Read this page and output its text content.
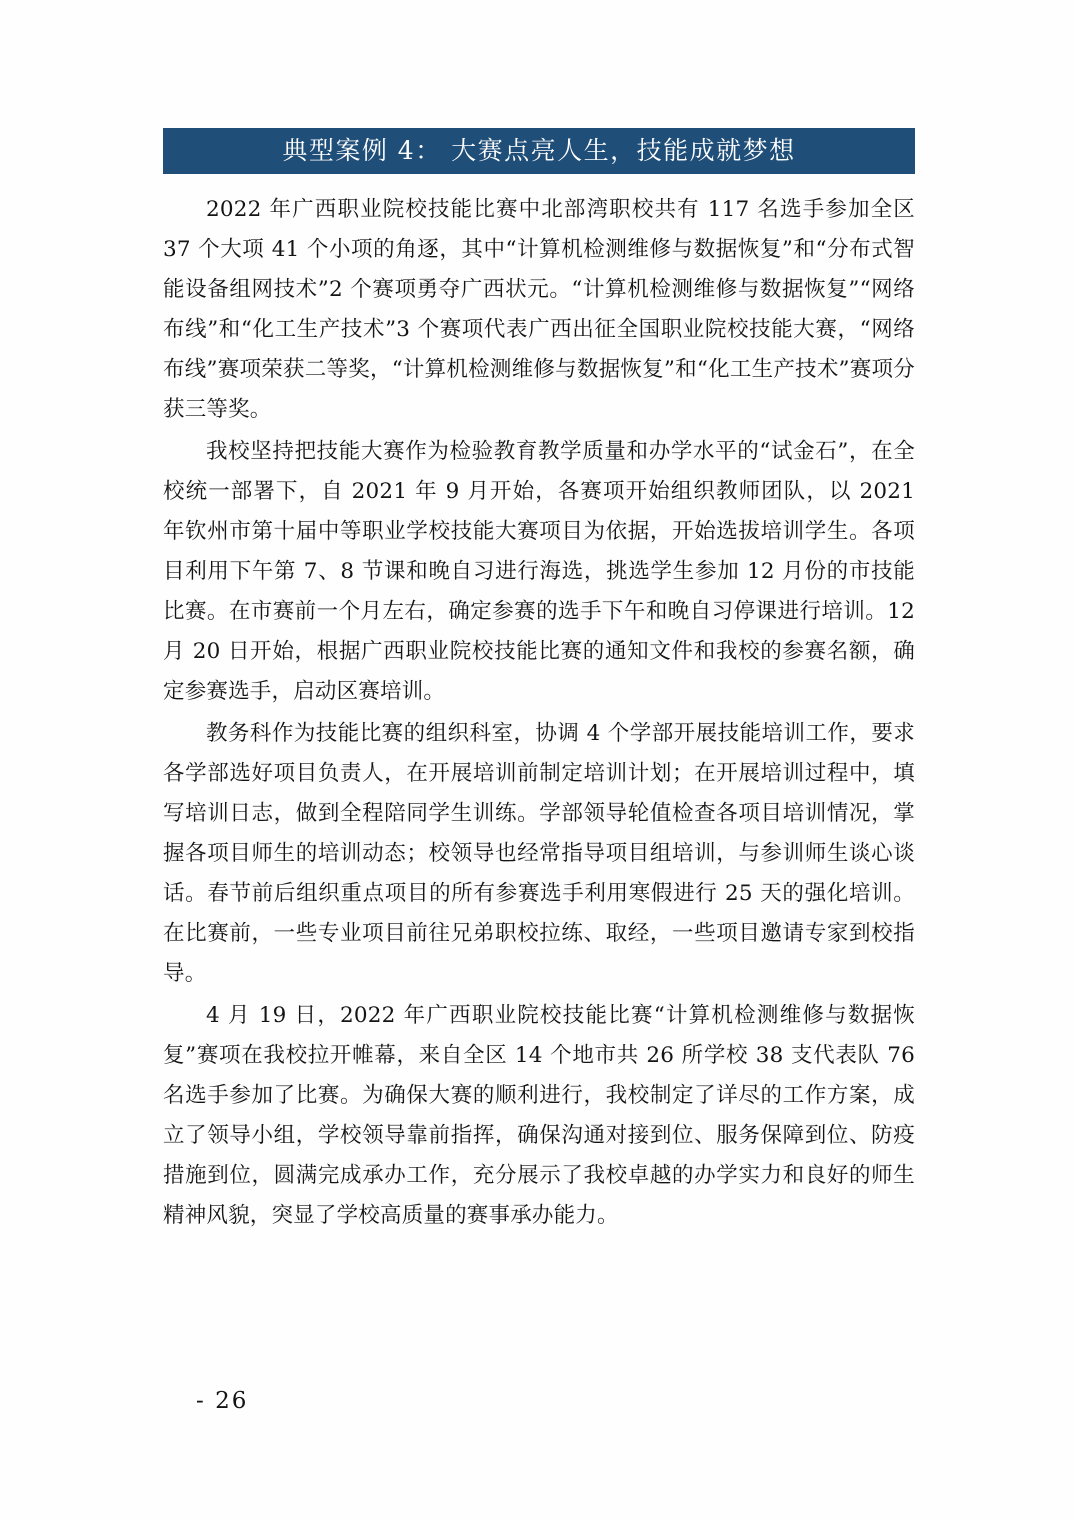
典型案例 4： 大赛点亮人生，技能成就梦想

2022 年广西职业院校技能比赛中北部湾职校共有 117 名选手参加全区 37 个大项 41 个小项的角逐，其中“计算机检测维修与数据恢复”和“分布式智能设备组网技术”2 个赛项勇夺广西状元。“计算机检测维修与数据恢复”“网络布线”和“化工生产技术”3 个赛项代表广西出征全国职业院校技能大赛，“网络布线”赛项荣获二等奖，“计算机检测维修与数据恢复”和“化工生产技术”赛项分获三等奖。

我校坚持把技能大赛作为检验教育教学质量和办学水平的“试金石”，在全校统一部署下，自 2021 年 9 月开始，各赛项开始组织教师团队，以 2021 年钦州市第十届中等职业学校技能大赛项目为依据，开始选拔培训学生。各项目利用下午第 7、8 节课和晚自习进行海选，挑选学生参加 12 月份的市技能比赛。在市赛前一个月左右，确定参赛的选手下午和晚自习停课进行培训。12 月 20 日开始，根据广西职业院校技能比赛的通知文件和我校的参赛名额，确定参赛选手，启动区赛培训。

教务科作为技能比赛的组织科室，协调 4 个学部开展技能培训工作，要求各学部选好项目负责人，在开展培训前制定培训计划；在开展培训过程中，填写培训日志，做到全程陪同学生训练。学部领导轮值检查各项目培训情况，掌握各项目师生的培训动态；校领导也经常指导项目组培训，与参训师生谈心谈话。春节前后组织重点项目的所有参赛选手利用寒假进行 25 天的强化培训。在比赛前，一些专业项目前往兄弟职校拉练、取经，一些项目邀请专家到校指导。

4 月 19 日，2022 年广西职业院校技能比赛“计算机检测维修与数据恢复”赛项在我校拉开帷幕，来自全区 14 个地市共 26 所学校 38 支代表队 76 名选手参加了比赛。为确保大赛的顺利进行，我校制定了详尽的工作方案，成立了领导小组，学校领导靠前指挥，确保沟通对接到位、服务保障到位、防疫措施到位，圆满完成承办工作，充分展示了我校卓越的办学实力和良好的师生精神风貌，突显了学校高质量的赛事承办能力。

- 26
